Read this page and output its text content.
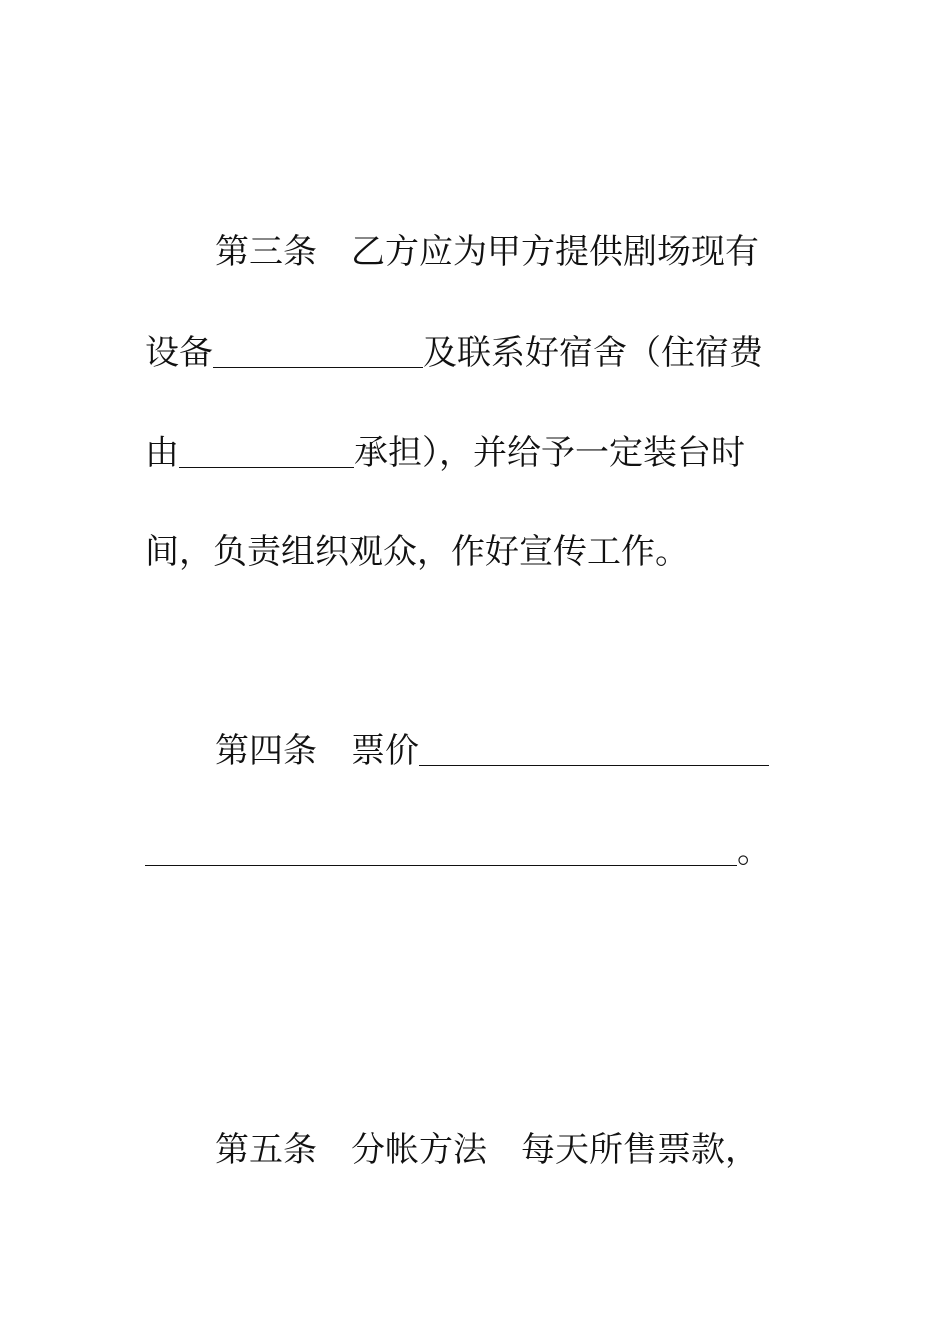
第三条 乙方应为甲方提供剧场现有
设备	及联系好宿舍（住宿费
由	承担），并给予一定装台时
间，负责组织观众，作好宣传工作。
第四条 票价
。
第五条 分帐方法 每天所售票款，
